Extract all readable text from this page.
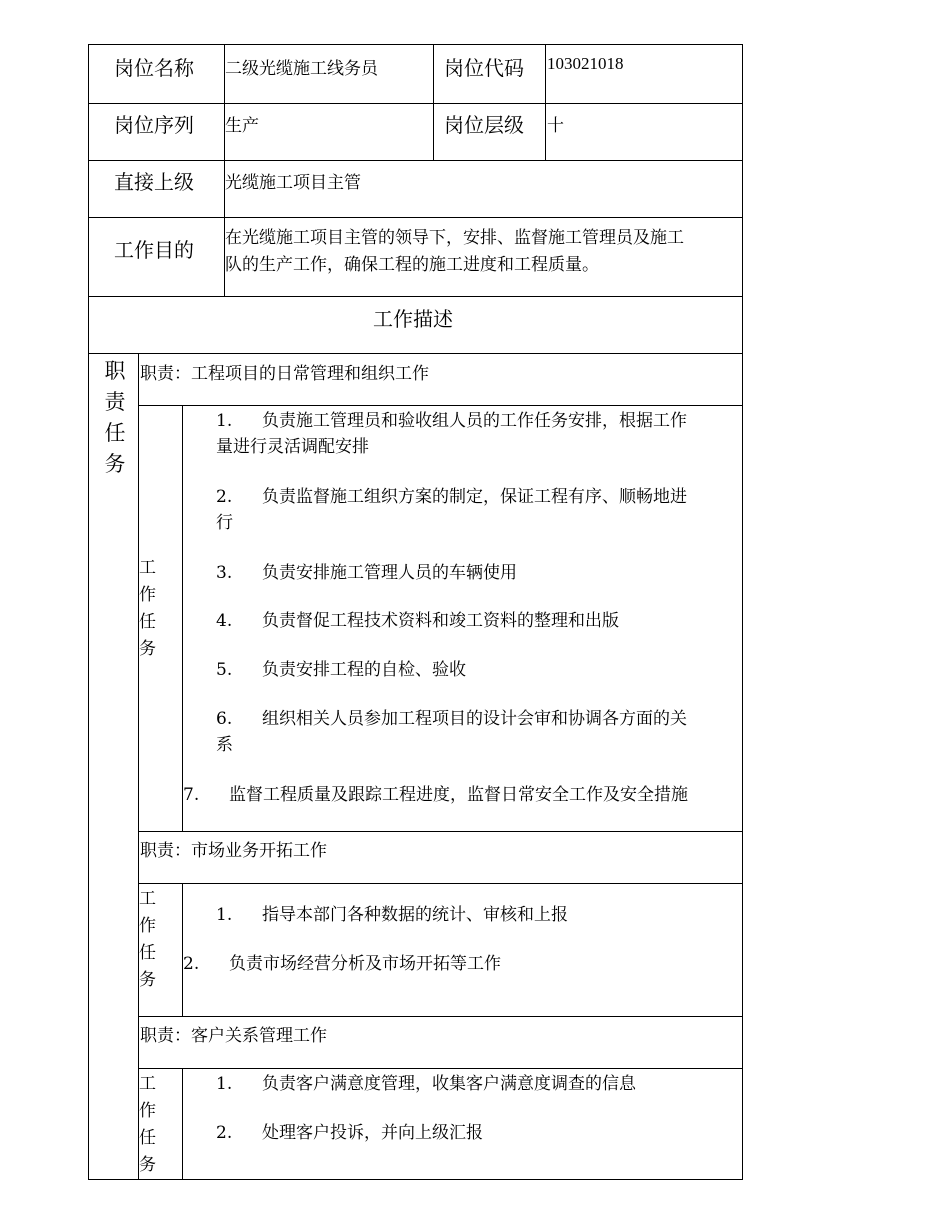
岗位名称 二级光缆施工线务员	岗位代码 103021018
岗位序列 生产	岗位层级 十
直接上级 光缆施工项目主管
工作目的 在光缆施工项目主管的领导下，安排、监督施工管理员及施工
队的生产工作，确保工程的施工进度和工程质量。
工作描述
职
责
任
务
职责：工程项目的日常管理和组织工作
工
作
任
务
1. 负责施工管理员和验收组人员的工作任务安排，根据工作
量进行灵活调配安排
2. 负责监督施工组织方案的制定，保证工程有序、顺畅地进
行
3. 负责安排施工管理人员的车辆使用
4. 负责督促工程技术资料和竣工资料的整理和出版
5. 负责安排工程的自检、验收
6. 组织相关人员参加工程项目的设计会审和协调各方面的关
系
7. 监督工程质量及跟踪工程进度，监督日常安全工作及安全措施
职责：市场业务开拓工作
工
作
任
务
1. 指导本部门各种数据的统计、审核和上报
2. 负责市场经营分析及市场开拓等工作
职责：客户关系管理工作
工
作
任
务
1. 负责客户满意度管理，收集客户满意度调查的信息
2. 处理客户投诉，并向上级汇报
